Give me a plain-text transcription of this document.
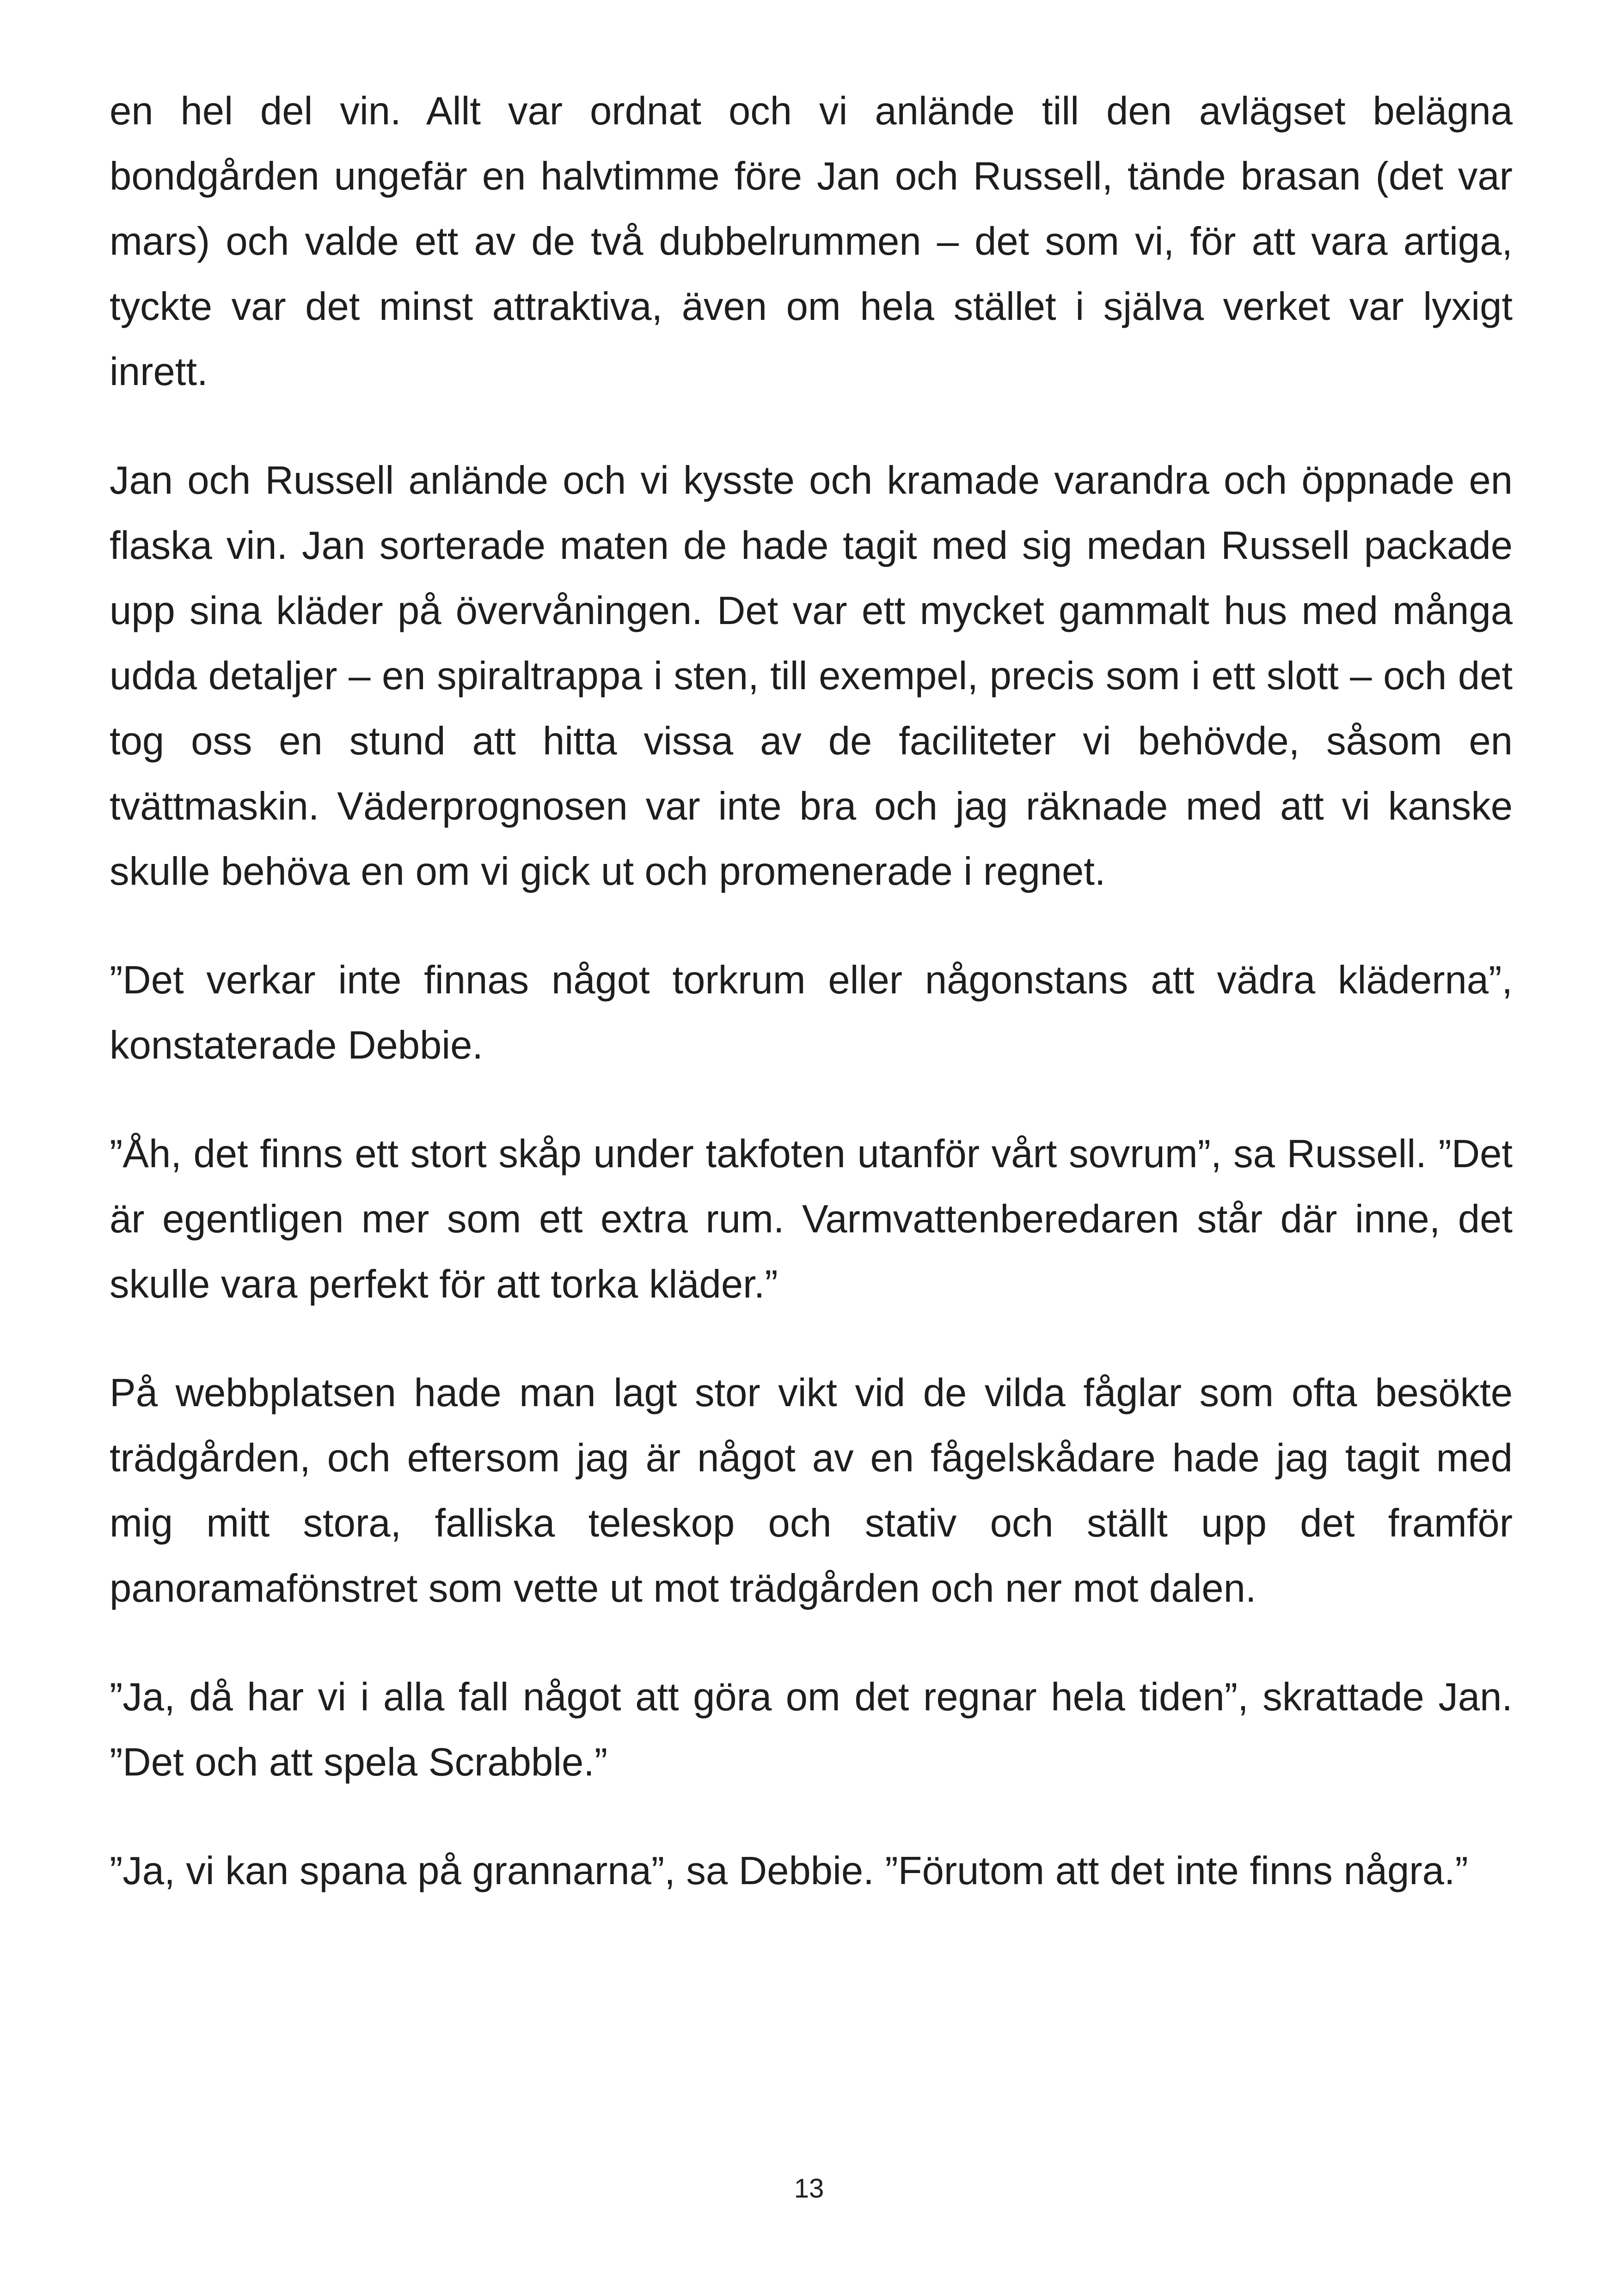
en hel del vin. Allt var ordnat och vi anlände till den avlägset belägna bondgården ungefär en halvtimme före Jan och Russell, tände brasan (det var mars) och valde ett av de två dubbelrummen – det som vi, för att vara artiga, tyckte var det minst attraktiva, även om hela stället i själva verket var lyxigt inrett.

Jan och Russell anlände och vi kysste och kramade varandra och öppnade en flaska vin. Jan sorterade maten de hade tagit med sig medan Russell packade upp sina kläder på övervåningen. Det var ett mycket gammalt hus med många udda detaljer – en spiraltrappa i sten, till exempel, precis som i ett slott – och det tog oss en stund att hitta vissa av de faciliteter vi behövde, såsom en tvättmaskin. Väderprognosen var inte bra och jag räknade med att vi kanske skulle behöva en om vi gick ut och promenerade i regnet.

”Det verkar inte finnas något torkrum eller någonstans att vädra kläderna”, konstaterade Debbie.

”Åh, det finns ett stort skåp under takfoten utanför vårt sovrum”, sa Russell. ”Det är egentligen mer som ett extra rum. Varmvattenberedaren står där inne, det skulle vara perfekt för att torka kläder.”

På webbplatsen hade man lagt stor vikt vid de vilda fåglar som ofta besökte trädgården, och eftersom jag är något av en fågelskådare hade jag tagit med mig mitt stora, falliska teleskop och stativ och ställt upp det framför panoramafönstret som vette ut mot trädgården och ner mot dalen.

”Ja, då har vi i alla fall något att göra om det regnar hela tiden”, skrattade Jan. ”Det och att spela Scrabble.”

”Ja, vi kan spana på grannarna”, sa Debbie. ”Förutom att det inte finns några.”

13
